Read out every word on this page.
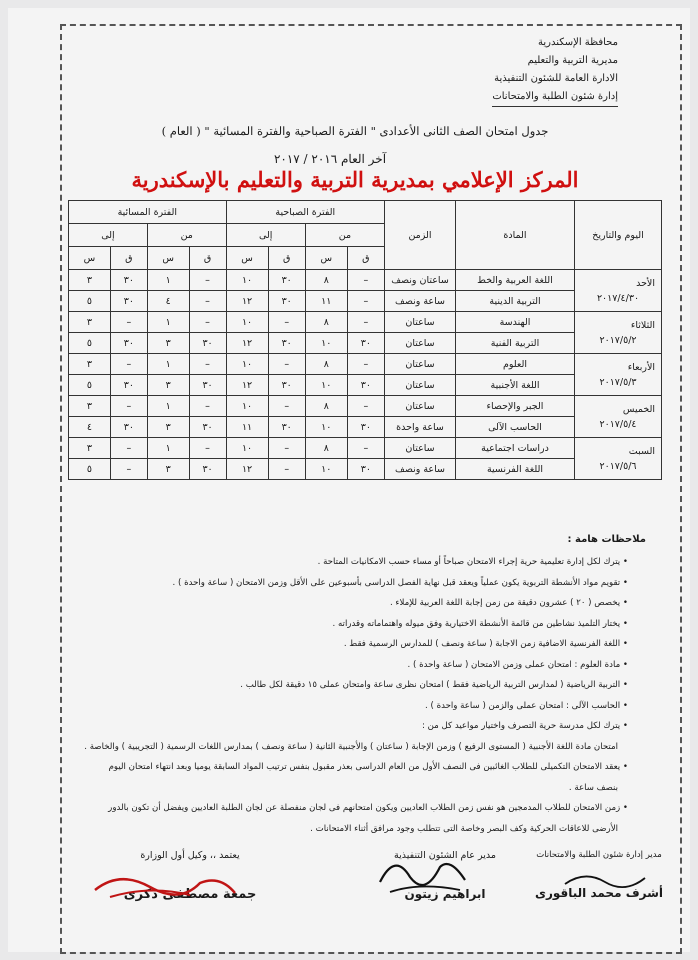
محافظة الإسكندرية
مديرية التربية والتعليم
الادارة العامة للشئون التنفيذية
إدارة شئون الطلبة والامتحانات
جدول امتحان الصف الثانى الأعدادى " الفترة الصباحية والفترة المسائية " ( العام )
آخر العام ٢٠١٦ / ٢٠١٧
المركز الإعلامي بمديرية التربية والتعليم بالإسكندرية
اليوم والتاريخ	المادة	الزمن	الفترة الصباحية				الفترة المسائية			
			من		إلى		من		إلى	
			ق	س	ق	س	ق	س	ق	س

الأحد
٢٠١٧/٤/٣٠	اللغة العربية والخط	ساعتان ونصف	–	٨	٣٠	١٠	–	١	٣٠	٣
	التربية الدينية	ساعة ونصف	–	١١	٣٠	١٢	–	٤	٣٠	٥

الثلاثاء
٢٠١٧/٥/٢	الهندسة	ساعتان	–	٨	–	١٠	–	١	–	٣
	التربية الفنية	ساعتان	٣٠	١٠	٣٠	١٢	٣٠	٣	٣٠	٥

الأربعاء
٢٠١٧/٥/٣	العلوم	ساعتان	–	٨	–	١٠	–	١	–	٣
	اللغة الأجنبية	ساعتان	٣٠	١٠	٣٠	١٢	٣٠	٣	٣٠	٥

الخميس
٢٠١٧/٥/٤	الجبر والإحصاء	ساعتان	–	٨	–	١٠	–	١	–	٣
	الحاسب الآلى	ساعة واحدة	٣٠	١٠	٣٠	١١	٣٠	٣	٣٠	٤

السبت
٢٠١٧/٥/٦	دراسات اجتماعية	ساعتان	–	٨	–	١٠	–	١	–	٣
	اللغة الفرنسية	ساعة ونصف	٣٠	١٠	–	١٢	٣٠	٣	–	٥
ملاحظات هامة :
• يترك لكل إدارة تعليمية حرية إجراء الامتحان صباحاً أو مساء حسب الامكانيات المتاحة .
• تقويم مواد الأنشطة التربوية يكون عملياً ويعقد قبل نهاية الفصل الدراسى بأسبوعين على الأقل وزمن الامتحان ( ساعة واحدة ) .
• يخصص ( ٢٠ ) عشرون دقيقة من زمن إجابة اللغة العربية للإملاء .
• يختار التلميذ نشاطين من قائمة الأنشطة الاختيارية وفق ميوله واهتماماته وقدراته .
• اللغة الفرنسية الاضافية زمن الاجابة ( ساعة ونصف ) للمدارس الرسمية فقط .
• مادة العلوم : امتحان عملى وزمن الامتحان ( ساعة واحدة ) .
• التربية الرياضية ( لمدارس التربية الرياضية فقط ) امتحان نظرى ساعة وامتحان عملى ١٥ دقيقة لكل طالب .
• الحاسب الآلى : امتحان عملى والزمن ( ساعة واحدة ) .
• يترك لكل مدرسة حرية التصرف واختيار مواعيد كل من :
امتحان مادة اللغة الأجنبية ( المستوى الرفيع ) وزمن الإجابة ( ساعتان ) والأجنبية الثانية ( ساعة ونصف ) بمدارس اللغات الرسمية ( التجريبية ) والخاصة .
• يعقد الامتحان التكميلى للطلاب الغائبين فى النصف الأول من العام الدراسى بعذر مقبول بنفس ترتيب المواد السابقة يوميا وبعد انتهاء امتحان اليوم
بنصف ساعة .
• زمن الامتحان للطلاب المدمجين هو نفس زمن الطلاب العاديين ويكون امتحانهم فى لجان منفصلة عن لجان الطلبة العاديين ويفضل أن تكون بالدور
الأرضى للاعاقات الحركية وكف البصر وخاصة التى تتطلب وجود مرافق أثناء الامتحانات .
يعتمد ،، وكيل أول الوزارة
جمعة مصطفى ذكرى
مدير عام الشئون التنفيذية
ابراهيم زيتون
مدير إدارة شئون الطلبة والامتحانات
أشرف محمد الباقورى
